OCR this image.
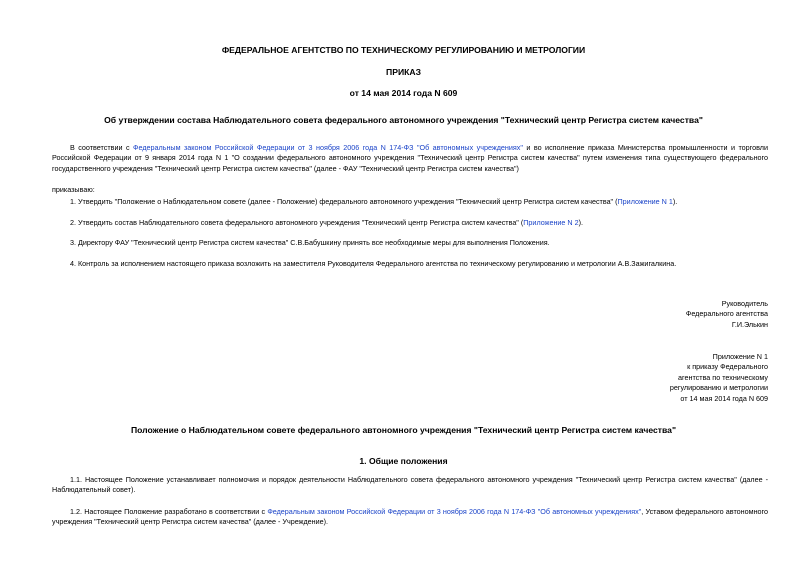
ФЕДЕРАЛЬНОЕ АГЕНТСТВО ПО ТЕХНИЧЕСКОМУ РЕГУЛИРОВАНИЮ И МЕТРОЛОГИИ
ПРИКАЗ
от 14 мая 2014 года N 609
Об утверждении состава Наблюдательного совета федерального автономного учреждения "Технический центр Регистра систем качества"
В соответствии с Федеральным законом Российской Федерации от 3 ноября 2006 года N 174-ФЗ "Об автономных учреждениях" и во исполнение приказа Министерства промышленности и торговли Российской Федерации от 9 января 2014 года N 1 "О создании федерального автономного учреждения "Технический центр Регистра систем качества" путем изменения типа существующего федерального государственного учреждения "Технический центр Регистра систем качества" (далее - ФАУ "Технический центр Регистра систем качества")
приказываю:
1. Утвердить "Положение о Наблюдательном совете (далее - Положение) федерального автономного учреждения "Технический центр Регистра систем качества" (Приложение N 1).
2. Утвердить состав Наблюдательного совета федерального автономного учреждения "Технический центр Регистра систем качества" (Приложение N 2).
3. Директору ФАУ "Технический центр Регистра систем качества" С.В.Бабушкину принять все необходимые меры для выполнения Положения.
4. Контроль за исполнением настоящего приказа возложить на заместителя Руководителя Федерального агентства по техническому регулированию и метрологии А.В.Зажигалкина.
Руководитель
Федерального агентства
Г.И.Элькин
Приложение N 1
к приказу Федерального
агентства по техническому
регулированию и метрологии
от 14 мая 2014 года N 609
Положение о Наблюдательном совете федерального автономного учреждения "Технический центр Регистра систем качества"
1. Общие положения
1.1. Настоящее Положение устанавливает полномочия и порядок деятельности Наблюдательного совета федерального автономного учреждения "Технический центр Регистра систем качества" (далее - Наблюдательный совет).
1.2. Настоящее Положение разработано в соответствии с Федеральным законом Российской Федерации от 3 ноября 2006 года N 174-ФЗ "Об автономных учреждениях", Уставом федерального автономного учреждения "Технический центр Регистра систем качества" (далее - Учреждение).
